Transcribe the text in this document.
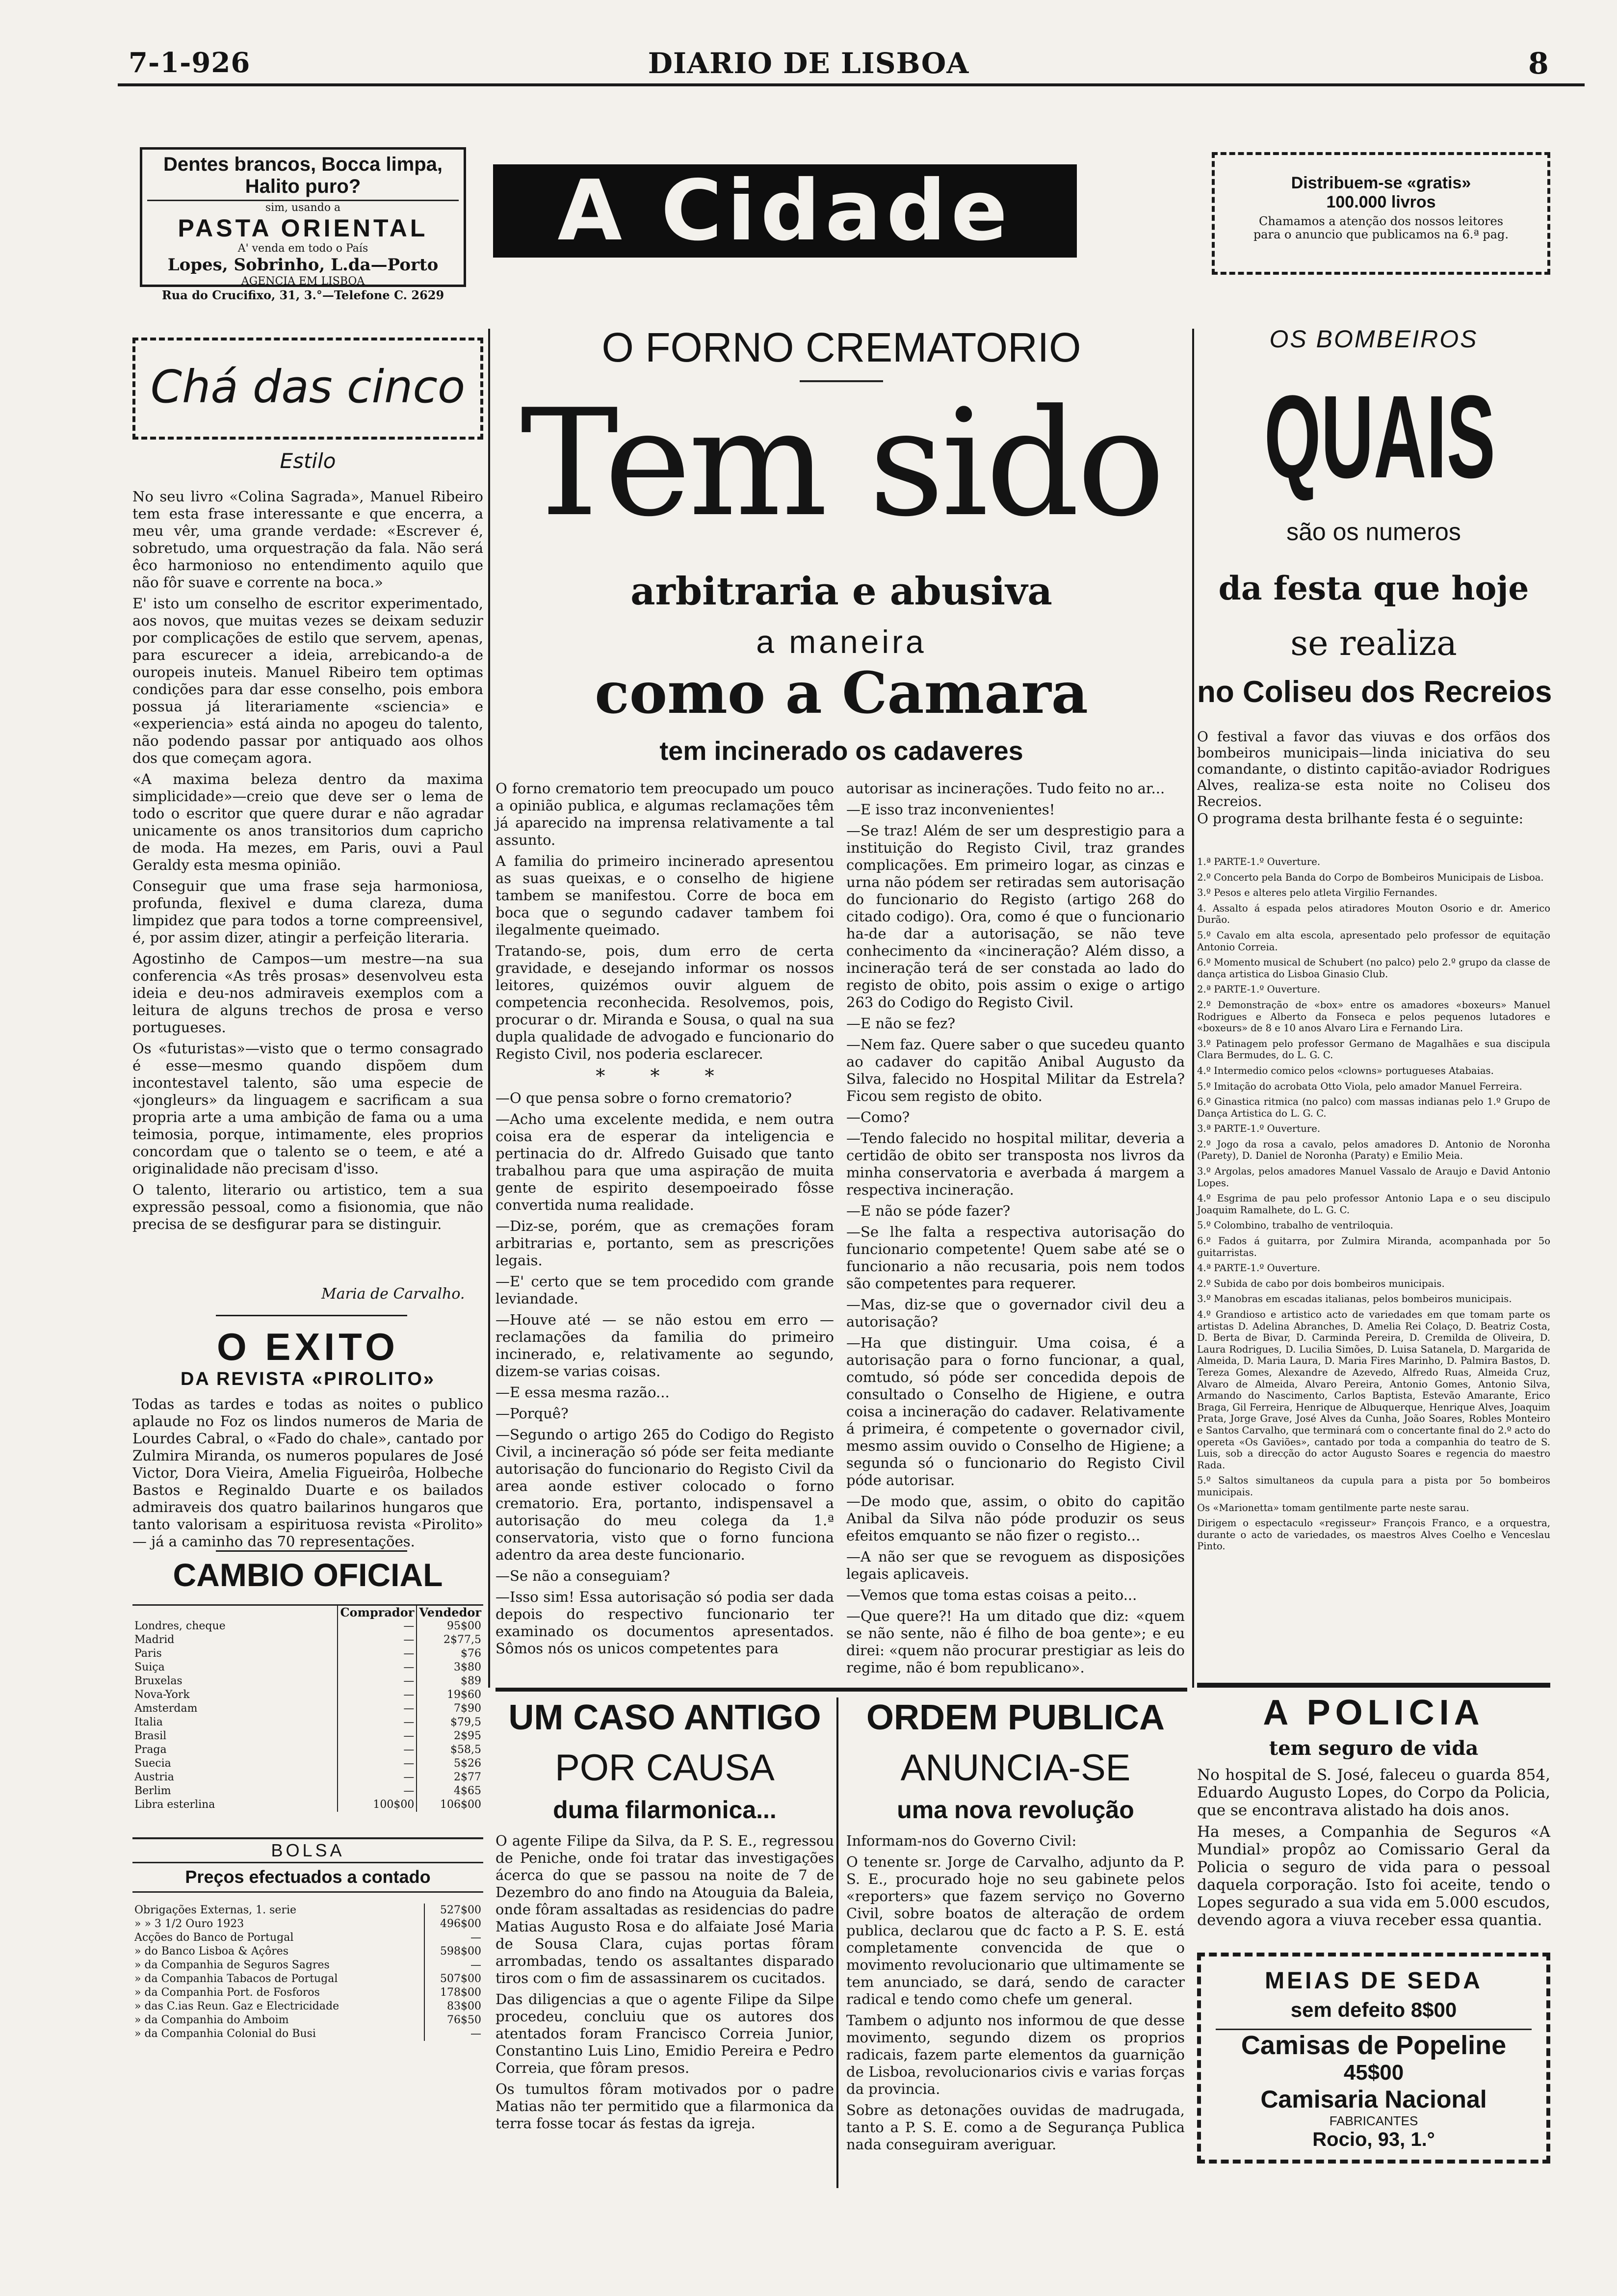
7-1-926	DIARIO DE LISBOA	8
Dentes brancos, Bocca limpa, Halito puro?
sim, usando a
PASTA ORIENTAL
A' venda em todo o País
Lopes, Sobrinho, L.da—Porto
AGENCIA EM LISBOA
Rua do Crucifixo, 31, 3.°—Telefone C. 2629
A Cidade	Distribuem-se «gratis»
100.000 livros
Chamamos a atenção dos nossos leitores
para o anuncio que publicamos na 6.ª pag.
Chá das cinco
Estilo

No seu livro «Colina Sagrada», Manuel Ribeiro tem esta frase interessante e que encerra, a meu vêr, uma grande verdade: «Escrever é, sobretudo, uma orquestração da fala. Não será êco harmonioso no entendimento aquilo que não fôr suave e corrente na boca.»

E' isto um conselho de escritor experimentado, aos novos, que muitas vezes se deixam seduzir por complicações de estilo que servem, apenas, para escurecer a ideia, arrebicando-a de ouropeis inuteis. Manuel Ribeiro tem optimas condições para dar esse conselho, pois embora possua já literariamente «sciencia» e «experiencia» está ainda no apogeu do talento, não podendo passar por antiquado aos olhos dos que começam agora.

«A maxima beleza dentro da maxima simplicidade»—creio que deve ser o lema de todo o escritor que quere durar e não agradar unicamente os anos transitorios dum capricho de moda. Ha mezes, em Paris, ouvi a Paul Geraldy esta mesma opinião.

Conseguir que uma frase seja harmoniosa, profunda, flexivel e duma clareza, duma limpidez que para todos a torne compreensivel, é, por assim dizer, atingir a perfeição literaria.

Agostinho de Campos—um mestre—na sua conferencia «As três prosas» desenvolveu esta ideia e deu-nos admiraveis exemplos com a leitura de alguns trechos de prosa e verso portugueses.

Os «futuristas»—visto que o termo consagrado é esse—mesmo quando dispõem dum incontestavel talento, são uma especie de «jongleurs» da linguagem e sacrificam a sua propria arte a uma ambição de fama ou a uma teimosia, porque, intimamente, eles proprios concordam que o talento se o teem, e até a originalidade não precisam d'isso.

O talento, literario ou artistico, tem a sua expressão pessoal, como a fisionomia, que não precisa de se desfigurar para se distinguir.

Maria de Carvalho.
O EXITO
DA REVISTA «PIROLITO»
Todas as tardes e todas as noites o publico aplaude no Foz os lindos numeros de Maria de Lourdes Cabral, o «Fado do chale», cantado por Zulmira Miranda, os numeros populares de José Victor, Dora Vieira, Amelia Figueirôa, Holbeche Bastos e Reginaldo Duarte e os bailados admiraveis dos quatro bailarinos hungaros que tanto valorisam a espirituosa revista «Pirolito» — já a caminho das 70 representações.
CAMBIO OFICIAL
	Comprador	Vendedor
Londres, cheque	—	95$00
Madrid	—	2$77,5
Paris	—	$76
Suiça	—	3$80
Bruxelas	—	$89
Nova-York	—	19$60
Amsterdam	—	7$90
Italia	—	$79,5
Brasil	—	2$95
Praga	—	$58,5
Suecia	—	5$26
Austria	—	2$77
Berlim	—	4$65
Libra esterlina	100$00	106$00
BOLSA
Preços efectuados a contado
Obrigações Externas, 1. serie	527$00
» » 3 1/2 Ouro 1923	496$00
Acções do Banco de Portugal	—
» do Banco Lisboa & Açôres	598$00
» da Companhia de Seguros Sagres	—
» da Companhia Tabacos de Portugal	507$00
» da Companhia Port. de Fosforos	178$00
» das C.ias Reun. Gaz e Electricidade	83$00
» da Companhia do Amboim	76$50
» da Companhia Colonial do Busi	—
O FORNO CREMATORIO
Tem sido
arbitraria e abusiva
a maneira
como a Camara
tem incinerado os cadaveres

O forno crematorio tem preocupado um pouco a opinião publica, e algumas reclamações têm já aparecido na imprensa relativamente a tal assunto.

A familia do primeiro incinerado apresentou as suas queixas, e o conselho de higiene tambem se manifestou. Corre de boca em boca que o segundo cadaver tambem foi ilegalmente queimado.

Tratando-se, pois, dum erro de certa gravidade, e desejando informar os nossos leitores, quizémos ouvir alguem de competencia reconhecida. Resolvemos, pois, procurar o dr. Miranda e Sousa, o qual na sua dupla qualidade de advogado e funcionario do Registo Civil, nos poderia esclarecer.

* * *

—O que pensa sobre o forno crematorio?

—Acho uma excelente medida, e nem outra coisa era de esperar da inteligencia e pertinacia do dr. Alfredo Guisado que tanto trabalhou para que uma aspiração de muita gente de espirito desempoeirado fôsse convertida numa realidade.

—Diz-se, porém, que as cremações foram arbitrarias e, portanto, sem as prescrições legais.

—E' certo que se tem procedido com grande leviandade.

—Houve até — se não estou em erro — reclamações da familia do primeiro incinerado, e, relativamente ao segundo, dizem-se varias coisas.

—E essa mesma razão...

—Porquê?

—Segundo o artigo 265 do Codigo do Registo Civil, a incineração só póde ser feita mediante autorisação do funcionario do Registo Civil da area aonde estiver colocado o forno crematorio. Era, portanto, indispensavel a autorisação do meu colega da 1.ª conservatoria, visto que o forno funciona adentro da area deste funcionario.

—Se não a conseguiam?

—Isso sim! Essa autorisação só podia ser dada depois do respectivo funcionario ter examinado os documentos apresentados. Sômos nós os unicos competentes para

autorisar as incinerações. Tudo feito no ar...

—E isso traz inconvenientes!

—Se traz! Além de ser um desprestigio para a instituição do Registo Civil, traz grandes complicações. Em primeiro logar, as cinzas e urna não pódem ser retiradas sem autorisação do funcionario do Registo (artigo 268 do citado codigo). Ora, como é que o funcionario ha-de dar a autorisação, se não teve conhecimento da «incineração? Além disso, a incineração terá de ser constada ao lado do registo de obito, pois assim o exige o artigo 263 do Codigo do Registo Civil.

—E não se fez?

—Nem faz. Quere saber o que sucedeu quanto ao cadaver do capitão Anibal Augusto da Silva, falecido no Hospital Militar da Estrela? Ficou sem registo de obito.

—Como?

—Tendo falecido no hospital militar, deveria a certidão de obito ser transposta nos livros da minha conservatoria e averbada á margem a respectiva incineração.

—E não se póde fazer?

—Se lhe falta a respectiva autorisação do funcionario competente! Quem sabe até se o funcionario a não recusaria, pois nem todos são competentes para requerer.

—Mas, diz-se que o governador civil deu a autorisação?

—Ha que distinguir. Uma coisa, é a autorisação para o forno funcionar, a qual, comtudo, só póde ser concedida depois de consultado o Conselho de Higiene, e outra coisa a incineração do cadaver. Relativamente á primeira, é competente o governador civil, mesmo assim ouvido o Conselho de Higiene; a segunda só o funcionario do Registo Civil póde autorisar.

—De modo que, assim, o obito do capitão Anibal da Silva não póde produzir os seus efeitos emquanto se não fizer o registo...

—A não ser que se revoguem as disposições legais aplicaveis.

—Vemos que toma estas coisas a peito...

—Que quere?! Ha um ditado que diz: «quem se não sente, não é filho de boa gente»; e eu direi: «quem não procurar prestigiar as leis do regime, não é bom republicano».

OS BOMBEIROS
QUAIS
são os numeros
da festa que hoje
se realiza
no Coliseu dos Recreios
O festival a favor das viuvas e dos orfãos dos bombeiros municipais—linda iniciativa do seu comandante, o distinto capitão-aviador Rodrigues Alves, realiza-se esta noite no Coliseu dos Recreios.
O programa desta brilhante festa é o seguinte:

1.ª PARTE-1.º Ouverture.

2.º Concerto pela Banda do Corpo de Bombeiros Municipais de Lisboa.

3.º Pesos e alteres pelo atleta Virgilio Fernandes.

4. Assalto á espada pelos atiradores Mouton Osorio e dr. Americo Durão.

5.º Cavalo em alta escola, apresentado pelo professor de equitação Antonio Correia.

6.º Momento musical de Schubert (no palco) pelo 2.º grupo da classe de dança artistica do Lisboa Ginasio Club.

2.ª PARTE-1.º Ouverture.

2.º Demonstração de «box» entre os amadores «boxeurs» Manuel Rodrigues e Alberto da Fonseca e pelos pequenos lutadores e «boxeurs» de 8 e 10 anos Alvaro Lira e Fernando Lira.

3.º Patinagem pelo professor Germano de Magalhães e sua discipula Clara Bermudes, do L. G. C.

4.º Intermedio comico pelos «clowns» portugueses Atabaias.

5.º Imitação do acrobata Otto Viola, pelo amador Manuel Ferreira.

6.º Ginastica ritmica (no palco) com massas indianas pelo 1.º Grupo de Dança Artistica do L. G. C.

3.ª PARTE-1.º Ouverture.

2.º Jogo da rosa a cavalo, pelos amadores D. Antonio de Noronha (Parety), D. Daniel de Noronha (Paraty) e Emilio Meia.

3.º Argolas, pelos amadores Manuel Vassalo de Araujo e David Antonio Lopes.

4.º Esgrima de pau pelo professor Antonio Lapa e o seu discipulo Joaquim Ramalhete, do L. G. C.

5.º Colombino, trabalho de ventriloquia.

6.º Fados á guitarra, por Zulmira Miranda, acompanhada por 5o guitarristas.

4.ª PARTE-1.º Ouverture.

2.º Subida de cabo por dois bombeiros municipais.

3.º Manobras em escadas italianas, pelos bombeiros municipais.

4.º Grandioso e artistico acto de variedades em que tomam parte os artistas D. Adelina Abranches, D. Amelia Rei Colaço, D. Beatriz Costa, D. Berta de Bivar, D. Carminda Pereira, D. Cremilda de Oliveira, D. Laura Rodrigues, D. Lucilia Simões, D. Luisa Satanela, D. Margarida de Almeida, D. Maria Laura, D. Maria Fires Marinho, D. Palmira Bastos, D. Tereza Gomes, Alexandre de Azevedo, Alfredo Ruas, Almeida Cruz, Alvaro de Almeida, Alvaro Pereira, Antonio Gomes, Antonio Silva, Armando do Nascimento, Carlos Baptista, Estevão Amarante, Erico Braga, Gil Ferreira, Henrique de Albuquerque, Henrique Alves, Joaquim Prata, Jorge Grave, José Alves da Cunha, João Soares, Robles Monteiro e Santos Carvalho, que terminará com o concertante final do 2.º acto do opereta «Os Gaviões», cantado por toda a companhia do teatro de S. Luis, sob a direcção do actor Augusto Soares e regencia do maestro Rada.

5.º Saltos simultaneos da cupula para a pista por 5o bombeiros municipais.

Os «Marionetta» tomam gentilmente parte neste sarau.

Dirigem o espectaculo «regisseur» François Franco, e a orquestra, durante o acto de variedades, os maestros Alves Coelho e Venceslau Pinto.

A POLICIA
tem seguro de vida

No hospital de S. José, faleceu o guarda 854, Eduardo Augusto Lopes, do Corpo da Policia, que se encontrava alistado ha dois anos.

Ha meses, a Companhia de Seguros «A Mundial» propôz ao Comissario Geral da Policia o seguro de vida para o pessoal daquela corporação. Isto foi aceite, tendo o Lopes segurado a sua vida em 5.000 escudos, devendo agora a viuva receber essa quantia.

MEIAS DE SEDA
sem defeito 8$00
Camisas de Popeline
45$00
Camisaria Nacional
FABRICANTES
Rocio, 93, 1.°
UM CASO ANTIGO
POR CAUSA
duma filarmonica...

O agente Filipe da Silva, da P. S. E., regressou de Peniche, onde foi tratar das investigações ácerca do que se passou na noite de 7 de Dezembro do ano findo na Atouguia da Baleia, onde fôram assaltadas as residencias do padre Matias Augusto Rosa e do alfaiate José Maria de Sousa Clara, cujas portas fôram arrombadas, tendo os assaltantes disparado tiros com o fim de assassinarem os cucitados.

Das diligencias a que o agente Filipe da Silpe procedeu, concluiu que os autores dos atentados foram Francisco Correia Junior, Constantino Luis Lino, Emidio Pereira e Pedro Correia, que fôram presos.

Os tumultos fôram motivados por o padre Matias não ter permitido que a filarmonica da terra fosse tocar ás festas da igreja.

ORDEM PUBLICA
ANUNCIA-SE
uma nova revolução

Informam-nos do Governo Civil:

O tenente sr. Jorge de Carvalho, adjunto da P. S. E., procurado hoje no seu gabinete pelos «reporters» que fazem serviço no Governo Civil, sobre boatos de alteração de ordem publica, declarou que dc facto a P. S. E. está completamente convencida de que o movimento revolucionario que ultimamente se tem anunciado, se dará, sendo de caracter radical e tendo como chefe um general.

Tambem o adjunto nos informou de que desse movimento, segundo dizem os proprios radicais, fazem parte elementos da guarnição de Lisboa, revolucionarios civis e varias forças da provincia.

Sobre as detonações ouvidas de madrugada, tanto a P. S. E. como a de Segurança Publica nada conseguiram averiguar.
